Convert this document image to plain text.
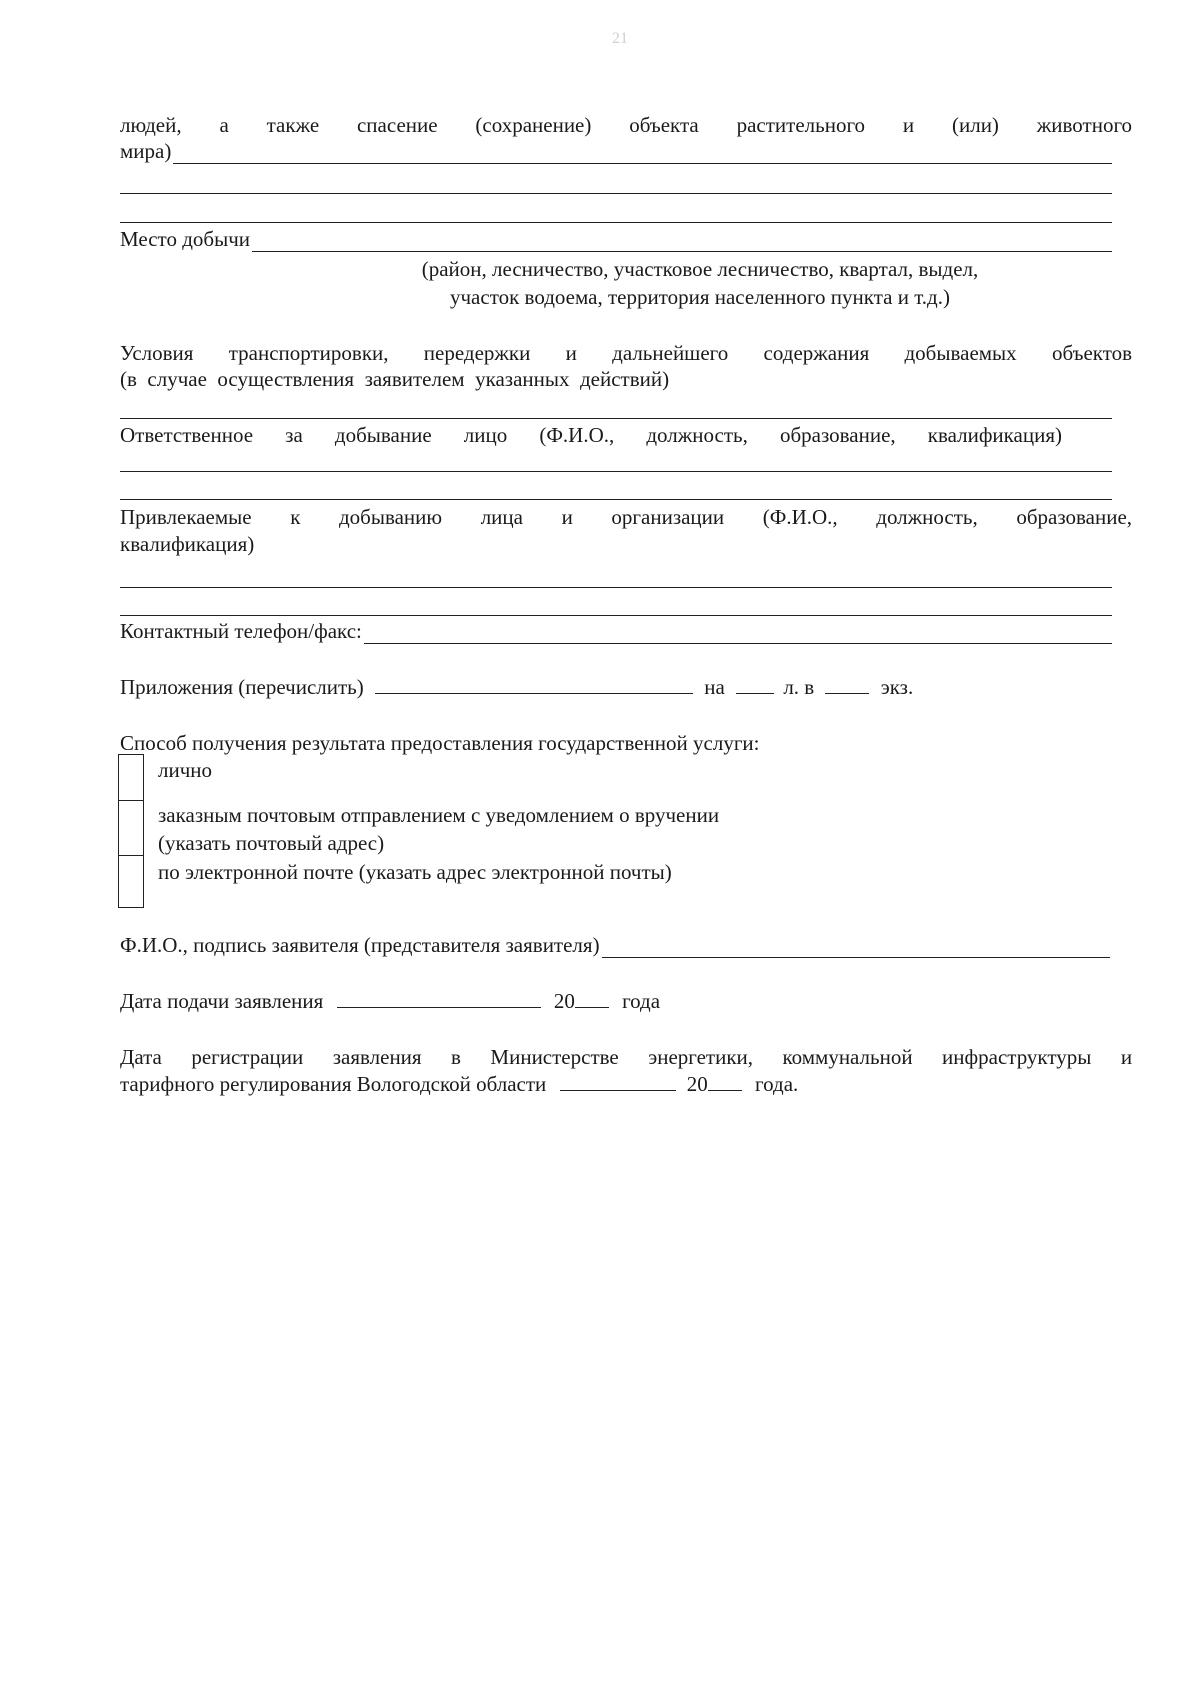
21
людей, а также спасение (сохранение) объекта растительного и (или) животного
мира)
Место добычи
(район, лесничество, участковое лесничество, квартал, выдел,
участок водоема, территория населенного пункта и т.д.)
Условия транспортировки, передержки и дальнейшего содержания добываемых объектов
(в  случае  осуществления  заявителем  указанных  действий)
Ответственное за добывание лицо (Ф.И.О., должность, образование, квалификация)
Привлекаемые к добыванию лица и организации (Ф.И.О., должность, образование,
квалификация)
Контактный телефон/факс:
Приложения (перечислить)	на	л. в	экз.
Способ получения результата предоставления государственной услуги:
лично
заказным почтовым отправлением с уведомлением о вручении
(указать почтовый адрес)
по электронной почте (указать адрес электронной почты)
Ф.И.О., подпись заявителя (представителя заявителя)
Дата подачи заявления	20 года
Дата регистрации заявления в Министерстве энергетики, коммунальной инфраструктуры и
тарифного регулирования Вологодской области	20 года.
